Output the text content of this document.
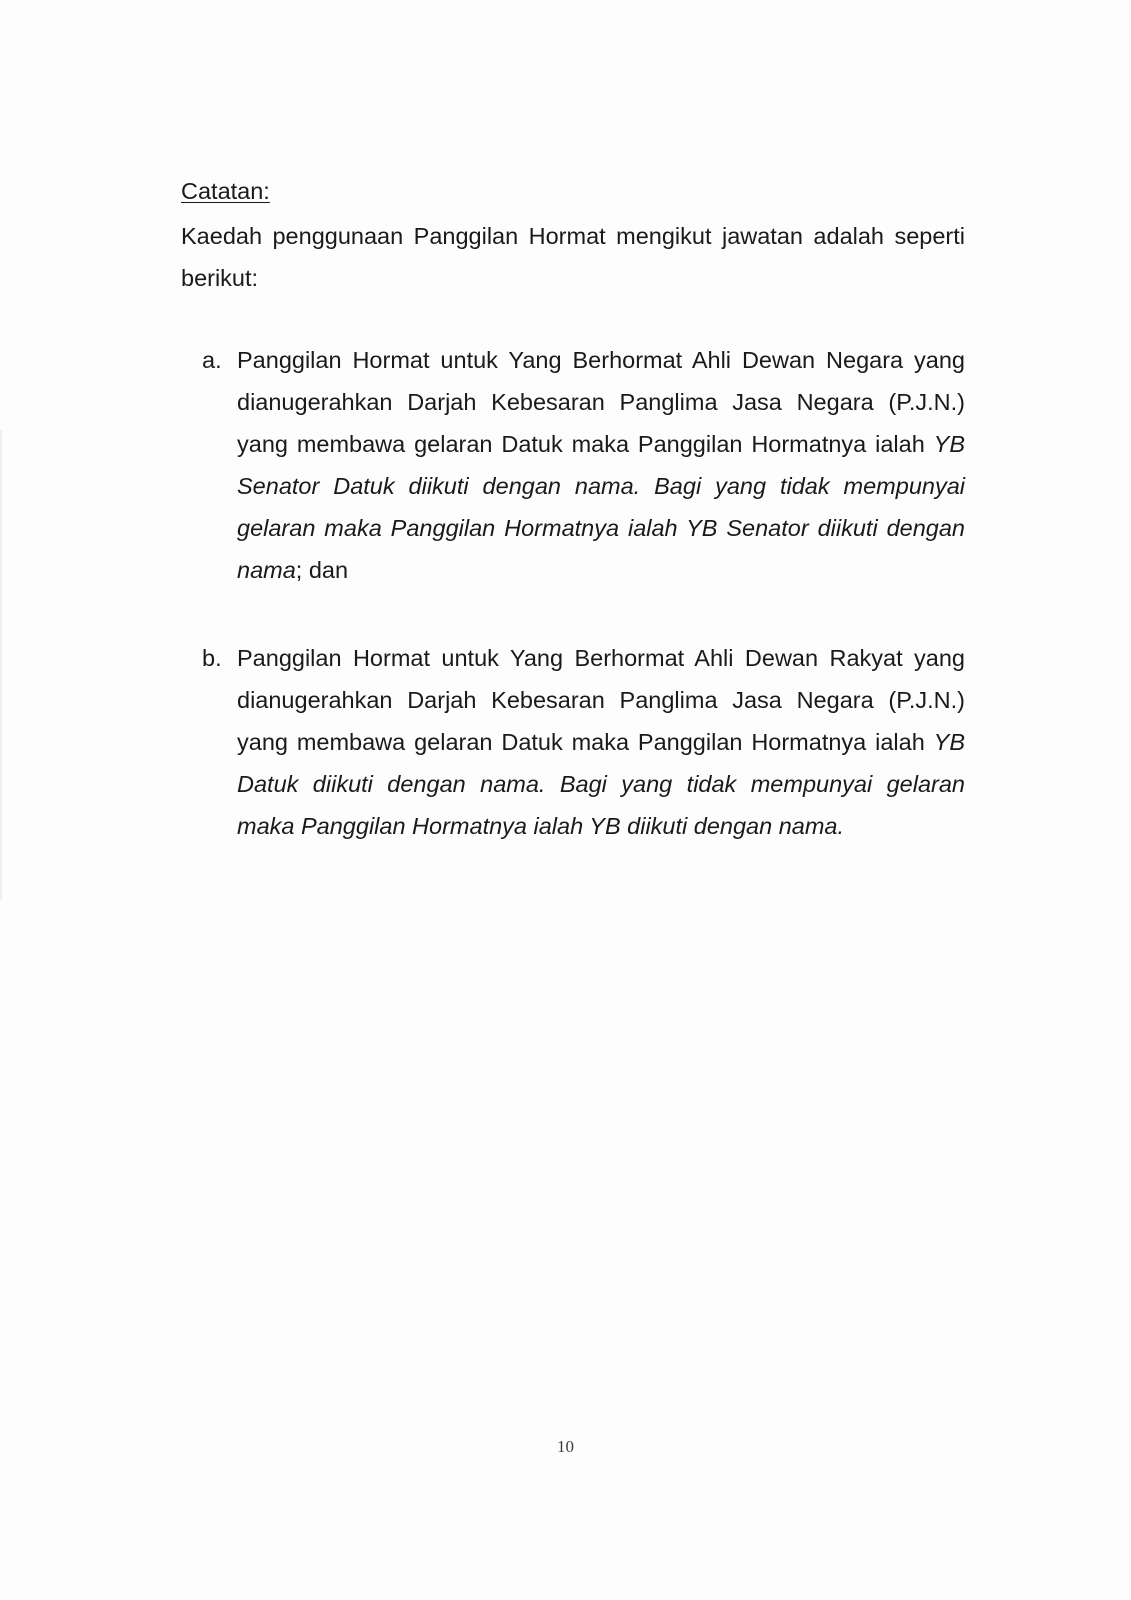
Catatan:

Kaedah penggunaan Panggilan Hormat mengikut jawatan adalah seperti berikut:

a. Panggilan Hormat untuk Yang Berhormat Ahli Dewan Negara yang dianugerahkan Darjah Kebesaran Panglima Jasa Negara (P.J.N.) yang membawa gelaran Datuk maka Panggilan Hormatnya ialah YB Senator Datuk diikuti dengan nama. Bagi yang tidak mempunyai gelaran maka Panggilan Hormatnya ialah YB Senator diikuti dengan nama; dan

b. Panggilan Hormat untuk Yang Berhormat Ahli Dewan Rakyat yang dianugerahkan Darjah Kebesaran Panglima Jasa Negara (P.J.N.) yang membawa gelaran Datuk maka Panggilan Hormatnya ialah YB Datuk diikuti dengan nama. Bagi yang tidak mempunyai gelaran maka Panggilan Hormatnya ialah YB diikuti dengan nama.

10
